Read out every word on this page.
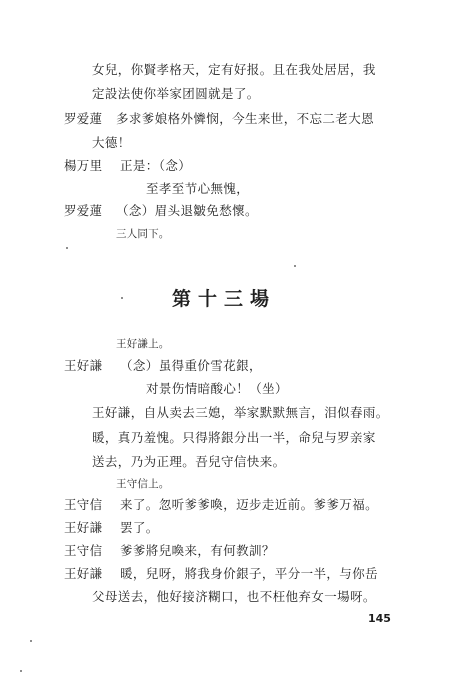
女兒，你賢孝格天，定有好报。且在我处居居，我
定設法使你举家团圆就是了。
罗爱蓮 多求爹娘格外憐悯，今生来世，不忘二老大恩
大德！
楊万里 正是：（念）
至孝至节心無愧，
罗爱蓮 （念）眉头退皺免愁懷。
三人同下。
第十三場
王好謙上。
王好謙 （念）虽得重价雪花銀，
对景伤情暗酸心！（坐）
王好謙，自从卖去三媳，举家默默無言，泪似春雨。
暖，真乃羞愧。只得將銀分出一半，命兒与罗亲家
送去，乃为正理。吾兒守信快来。
王守信上。
王守信 来了。忽听爹爹喚，迈步走近前。爹爹万福。
王好謙 罢了。
王守信 爹爹將兒喚来，有何教訓？
王好謙 暖，兒呀，將我身价銀子，平分一半，与你岳
父母送去，他好接济糊口，也不枉他弃女一場呀。
145
